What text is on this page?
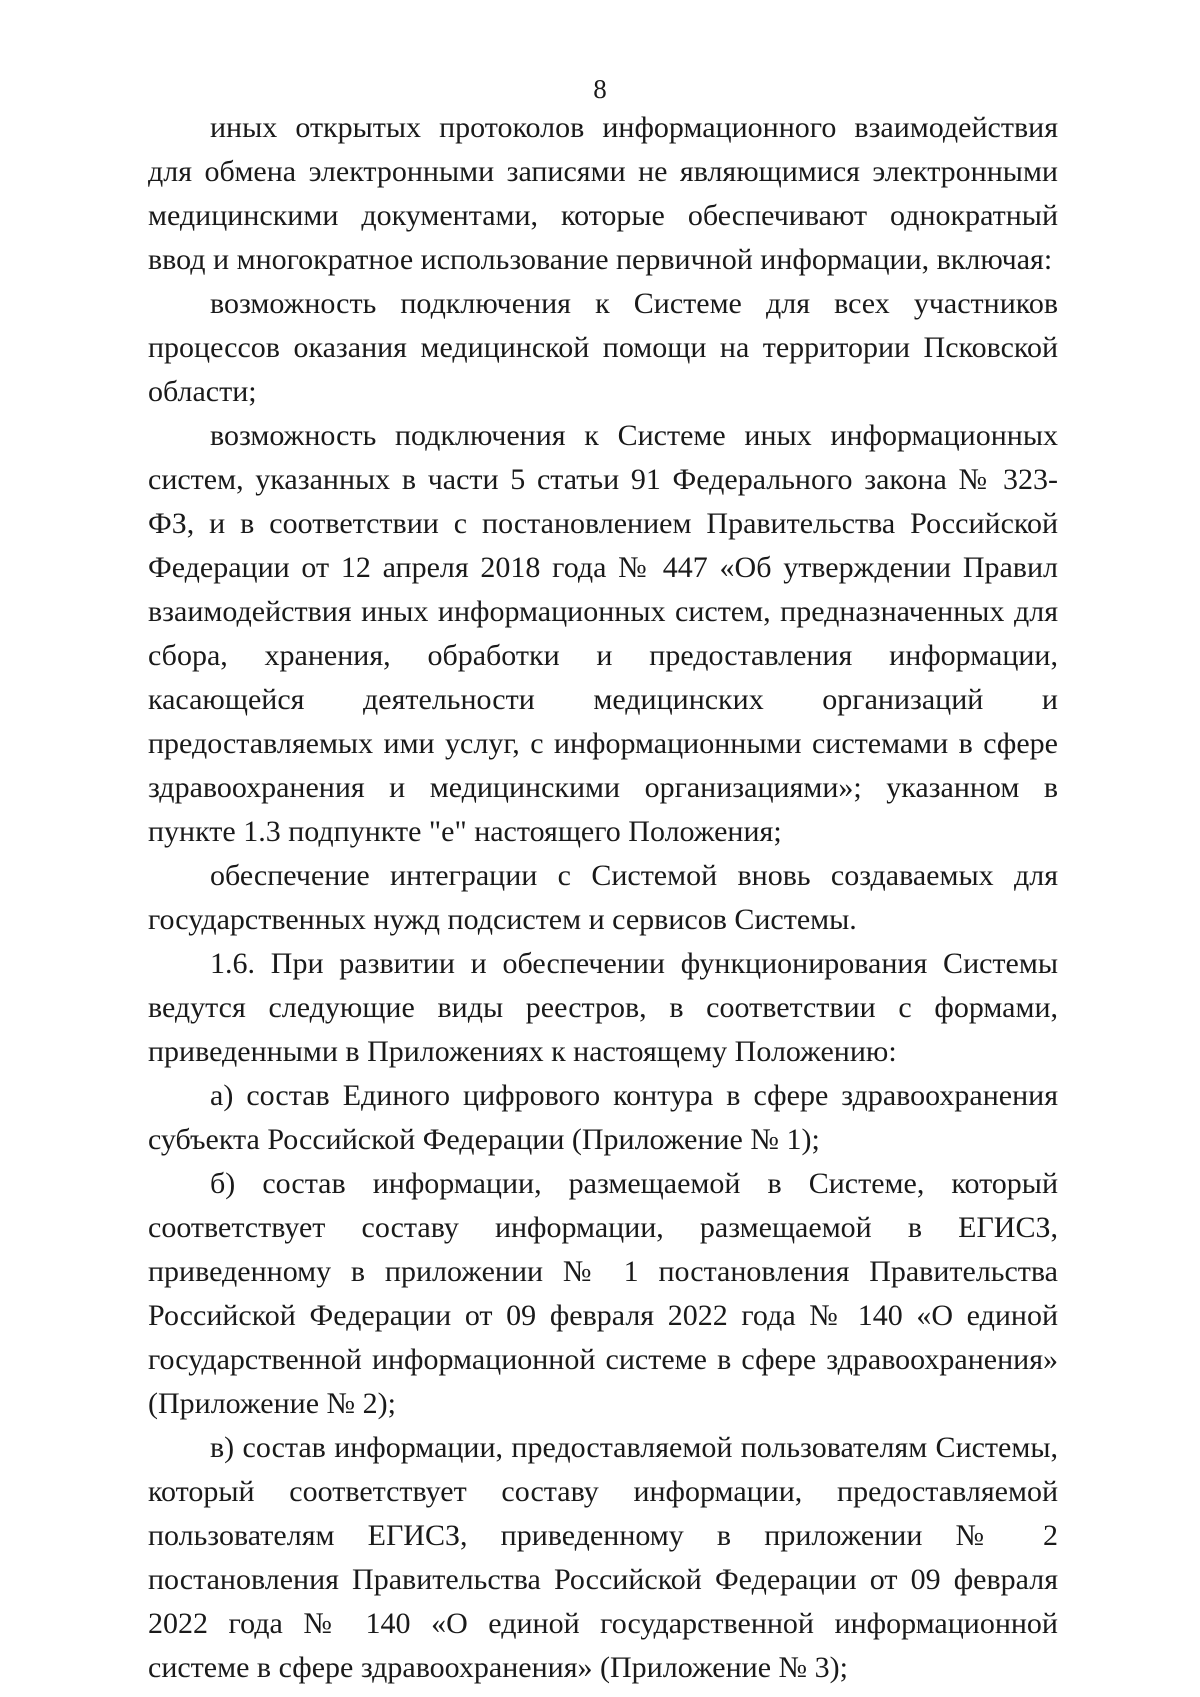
8

иных открытых протоколов информационного взаимодействия для обмена электронными записями не являющимися электронными медицинскими документами, которые обеспечивают однократный ввод и многократное использование первичной информации, включая:

возможность подключения к Системе для всех участников процессов оказания медицинской помощи на территории Псковской области;

возможность подключения к Системе иных информационных систем, указанных в части 5 статьи 91 Федерального закона № 323-ФЗ, и в соответствии с постановлением Правительства Российской Федерации от 12 апреля 2018 года № 447 «Об утверждении Правил взаимодействия иных информационных систем, предназначенных для сбора, хранения, обработки и предоставления информации, касающейся деятельности медицинских организаций и предоставляемых ими услуг, с информационными системами в сфере здравоохранения и медицинскими организациями»; указанном в пункте 1.3 подпункте "е" настоящего Положения;

обеспечение интеграции с Системой вновь создаваемых для государственных нужд подсистем и сервисов Системы.

1.6. При развитии и обеспечении функционирования Системы ведутся следующие виды реестров, в соответствии с формами, приведенными в Приложениях к настоящему Положению:

а) состав Единого цифрового контура в сфере здравоохранения субъекта Российской Федерации (Приложение № 1);

б) состав информации, размещаемой в Системе, который соответствует составу информации, размещаемой в ЕГИСЗ, приведенному в приложении № 1 постановления Правительства Российской Федерации от 09 февраля 2022 года № 140 «О единой государственной информационной системе в сфере здравоохранения» (Приложение № 2);

в) состав информации, предоставляемой пользователям Системы, который соответствует составу информации, предоставляемой пользователям ЕГИСЗ, приведенному в приложении № 2 постановления Правительства Российской Федерации от 09 февраля 2022 года № 140 «О единой государственной информационной системе в сфере здравоохранения» (Приложение № 3);
